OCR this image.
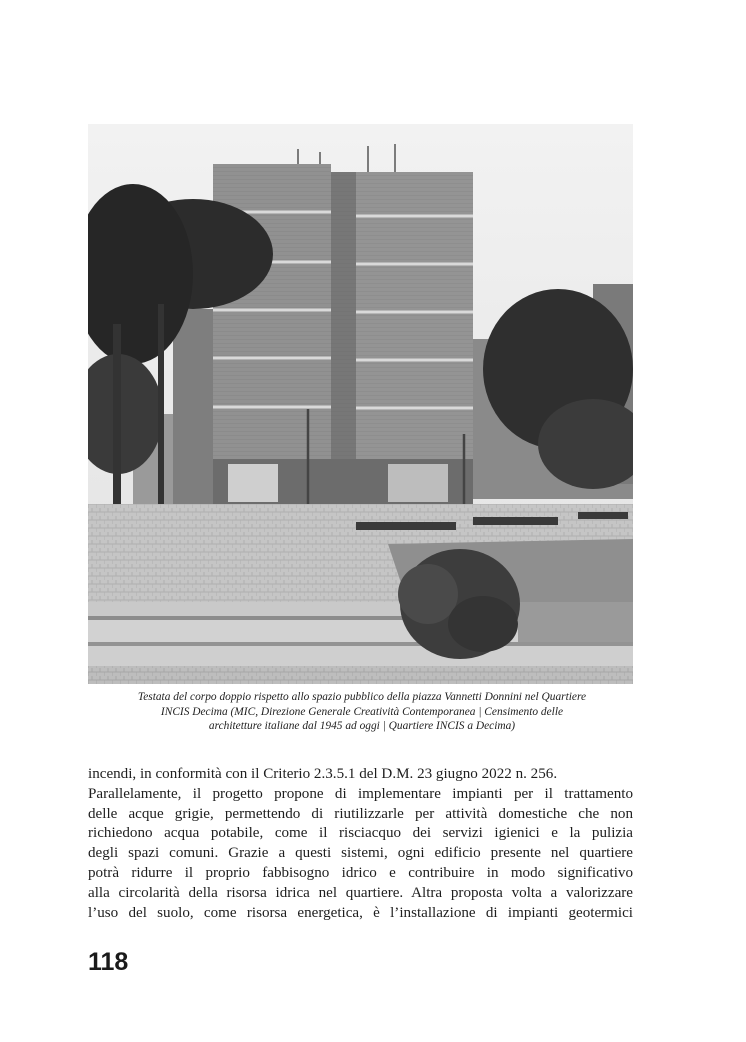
Testata del corpo doppio rispetto allo spazio pubblico della piazza Vannetti Donnini nel Quartiere
INCIS Decima (MIC, Direzione Generale Creatività Contemporanea | Censimento delle
architetture italiane dal 1945 ad oggi | Quartiere INCIS a Decima)
incendi, in conformità con il Criterio 2.3.5.1 del D.M. 23 giugno 2022 n. 256.
Parallelamente, il progetto propone di implementare impianti per il trattamento
delle acque grigie, permettendo di riutilizzarle per attività domestiche che non
richiedono acqua potabile, come il risciacquo dei servizi igienici e la pulizia
degli spazi comuni. Grazie a questi sistemi, ogni edificio presente nel quartiere
potrà ridurre il proprio fabbisogno idrico e contribuire in modo significativo
alla circolarità della risorsa idrica nel quartiere. Altra proposta volta a valorizzare
l’uso del suolo, come risorsa energetica, è l’installazione di impianti geotermici
118
